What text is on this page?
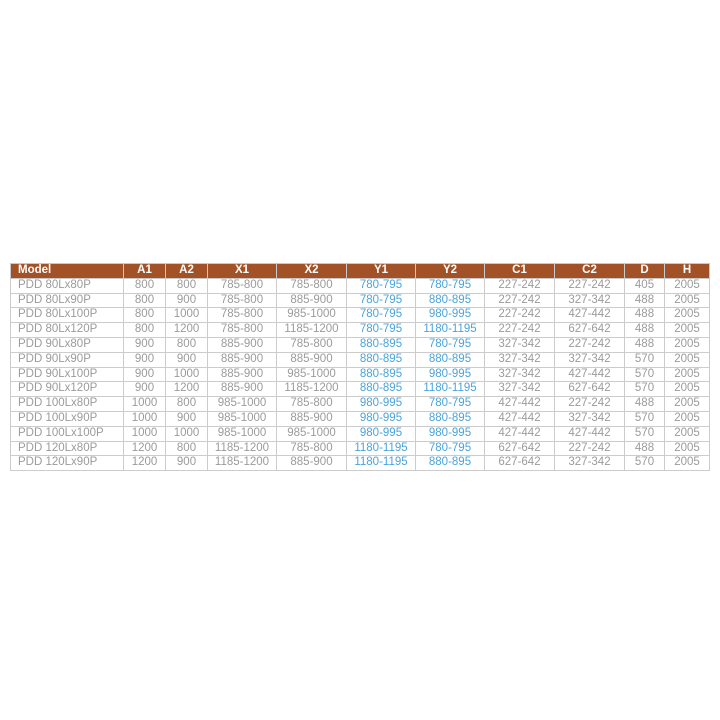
Model	A1	A2	X1	X2	Y1	Y2	C1	C2	D	H
PDD 80Lx80P	800	800	785-800	785-800	780-795	780-795	227-242	227-242	405	2005
PDD 80Lx90P	800	900	785-800	885-900	780-795	880-895	227-242	327-342	488	2005
PDD 80Lx100P	800	1000	785-800	985-1000	780-795	980-995	227-242	427-442	488	2005
PDD 80Lx120P	800	1200	785-800	1185-1200	780-795	1180-1195	227-242	627-642	488	2005
PDD 90Lx80P	900	800	885-900	785-800	880-895	780-795	327-342	227-242	488	2005
PDD 90Lx90P	900	900	885-900	885-900	880-895	880-895	327-342	327-342	570	2005
PDD 90Lx100P	900	1000	885-900	985-1000	880-895	980-995	327-342	427-442	570	2005
PDD 90Lx120P	900	1200	885-900	1185-1200	880-895	1180-1195	327-342	627-642	570	2005
PDD 100Lx80P	1000	800	985-1000	785-800	980-995	780-795	427-442	227-242	488	2005
PDD 100Lx90P	1000	900	985-1000	885-900	980-995	880-895	427-442	327-342	570	2005
PDD 100Lx100P	1000	1000	985-1000	985-1000	980-995	980-995	427-442	427-442	570	2005
PDD 120Lx80P	1200	800	1185-1200	785-800	1180-1195	780-795	627-642	227-242	488	2005
PDD 120Lx90P	1200	900	1185-1200	885-900	1180-1195	880-895	627-642	327-342	570	2005
